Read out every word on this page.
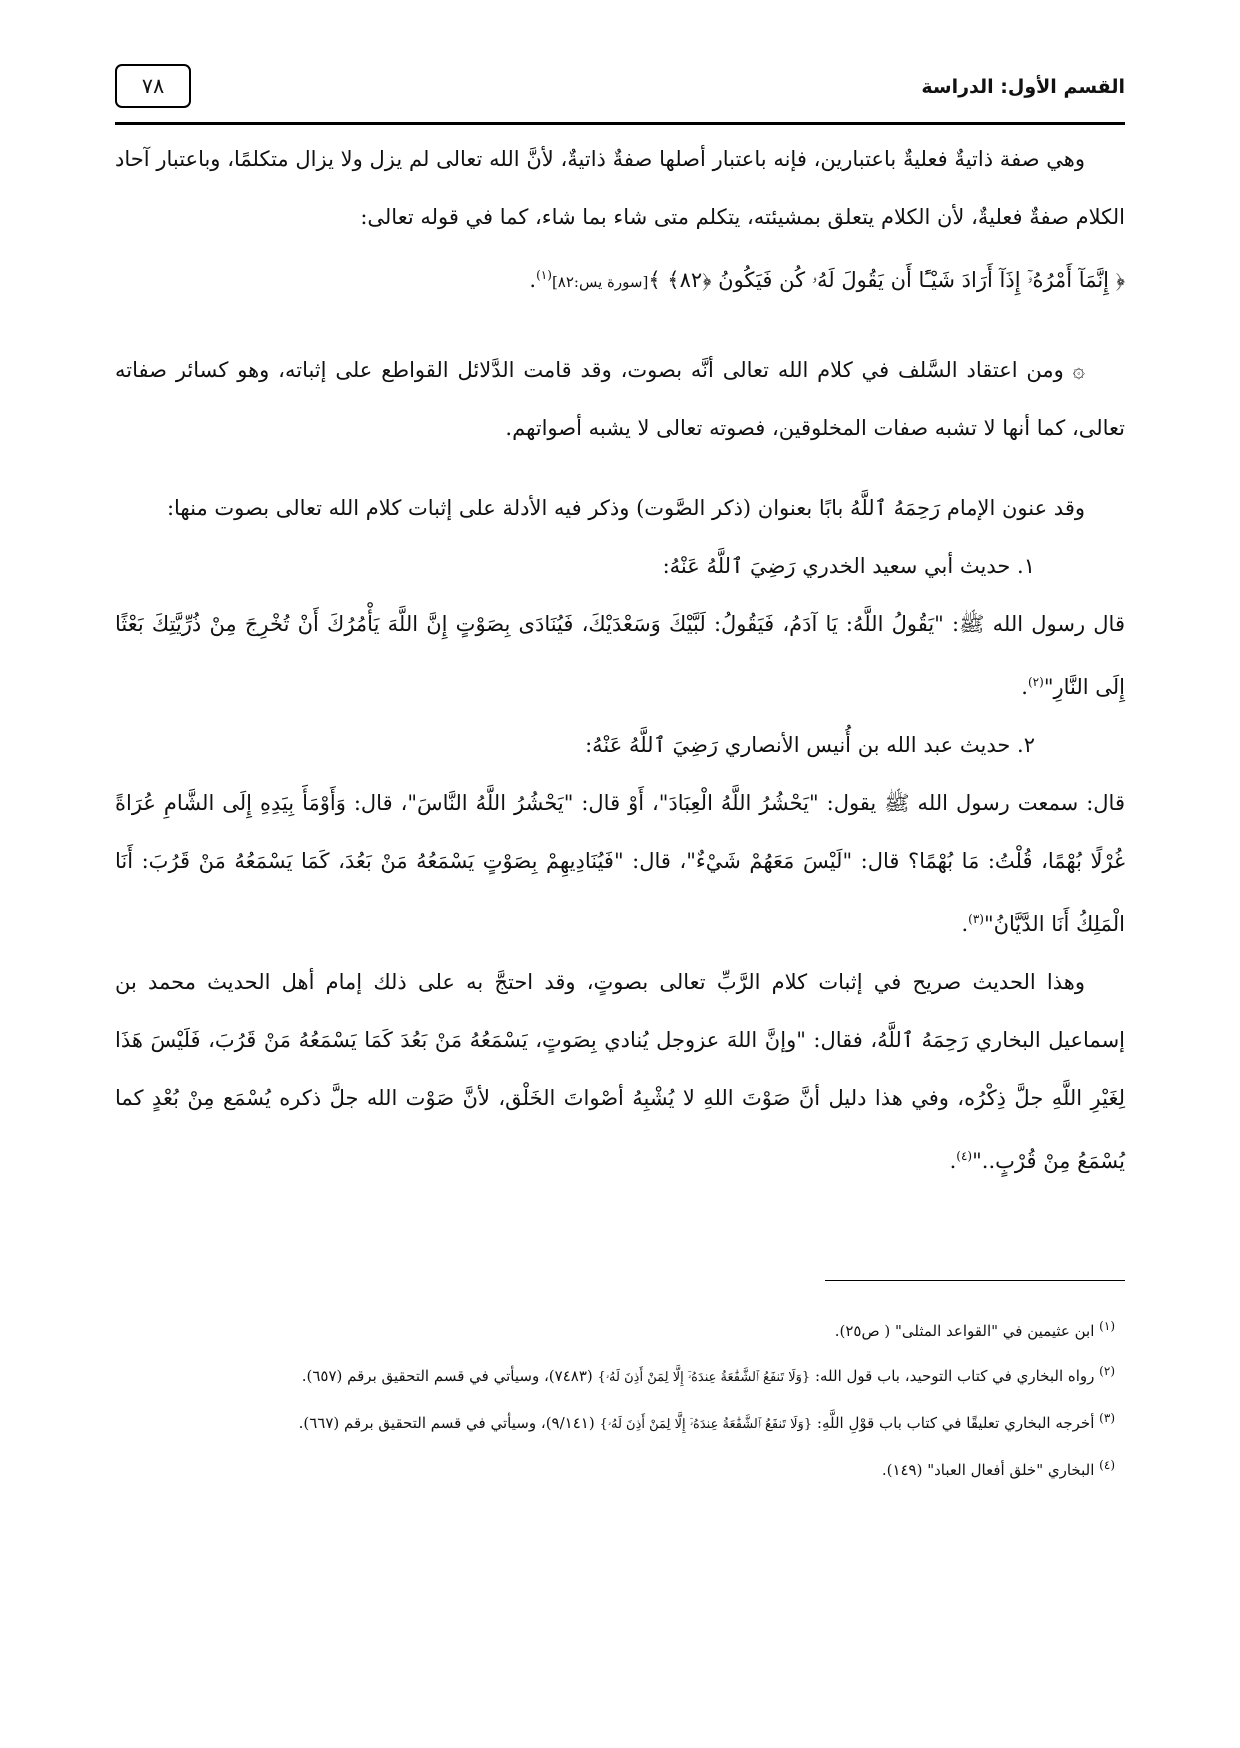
القسم الأول: الدراسة
٧٨

وهي صفة ذاتيةٌ فعليةٌ باعتبارين، فإنه باعتبار أصلها صفةٌ ذاتيةٌ، لأنَّ الله تعالى لم يزل ولا يزال متكلمًا، وباعتبار آحاد الكلام صفةٌ فعليةٌ، لأن الكلام يتعلق بمشيئته، يتكلم متى شاء بما شاء، كما في قوله تعالى:

﴿ إِنَّمَآ أَمْرُهُۥٓ إِذَآ أَرَادَ شَيْـًٔا أَن يَقُولَ لَهُۥ كُن فَيَكُونُ ﴿٨٢﴾ ﴾[سورة يس:٨٢]$^{(١)}$.

۞ ومن اعتقاد السَّلف في كلام الله تعالى أنَّه بصوت، وقد قامت الدَّلائل القواطع على إثباته، وهو كسائر صفاته تعالى، كما أنها لا تشبه صفات المخلوقين، فصوته تعالى لا يشبه أصواتهم.

وقد عنون الإمام رَحِمَهُ ٱللَّهُ بابًا بعنوان (ذكر الصَّوت) وذكر فيه الأدلة على إثبات كلام الله تعالى بصوت منها:

١. حديث أبي سعيد الخدري رَضِيَ ٱللَّهُ عَنْهُ:

قال رسول الله ﷺ: "يَقُولُ اللَّهُ: يَا آدَمُ، فَيَقُولُ: لَبَّيْكَ وَسَعْدَيْكَ، فَيُنَادَى بِصَوْتٍ إِنَّ اللَّهَ يَأْمُرُكَ أَنْ تُخْرِجَ مِنْ ذُرِّيَّتِكَ بَعْثًا إِلَى النَّارِ"$^{(٢)}$.

٢. حديث عبد الله بن أُنيس الأنصاري رَضِيَ ٱللَّهُ عَنْهُ:

قال: سمعت رسول الله ﷺ يقول: "يَحْشُرُ اللَّهُ الْعِبَادَ"، أَوْ قال: "يَحْشُرُ اللَّهُ النَّاسَ"، قال: وَأَوْمَأَ بِيَدِهِ إِلَى الشَّامِ عُرَاةً غُرْلًا بُهْمًا، قُلْتُ: مَا بُهْمًا؟ قال: "لَيْسَ مَعَهُمْ شَيْءٌ"، قال: "فَيُنَادِيهِمْ بِصَوْتٍ يَسْمَعُهُ مَنْ بَعُدَ، كَمَا يَسْمَعُهُ مَنْ قَرُبَ: أَنَا الْمَلِكُ أَنَا الدَّيَّانُ"$^{(٣)}$.

وهذا الحديث صريح في إثبات كلام الرَّبِّ تعالى بصوتٍ، وقد احتجَّ به على ذلك إمام أهل الحديث محمد بن إسماعيل البخاري رَحِمَهُ ٱللَّهُ، فقال: "وإنَّ اللهَ عزوجل يُنادي بِصَوتٍ، يَسْمَعُهُ مَنْ بَعُدَ كَمَا يَسْمَعُهُ مَنْ قَرُبَ، فَلَيْسَ هَذَا لِغَيْرِ اللَّهِ جلَّ ذِكْرُه، وفي هذا دليل أنَّ صَوْتَ اللهِ لا يُشْبِهُ أصْواتَ الخَلْق، لأنَّ صَوْت الله جلَّ ذكره يُسْمَع مِنْ بُعْدٍ كما يُسْمَعُ مِنْ قُرْبٍ.."$^{(٤)}$.

$^{(١)}$ ابن عثيمين في "القواعد المثلى" ( ص٢٥).
$^{(٢)}$ رواه البخاري في كتاب التوحيد، باب قول الله: {وَلَا تَنفَعُ ٱلشَّفَٰعَةُ عِندَهُۥٓ إِلَّا لِمَنْ أَذِنَ لَهُۥ} (٧٤٨٣)، وسيأتي في قسم التحقيق برقم (٦٥٧).
$^{(٣)}$ أخرجه البخاري تعليقًا في كتاب باب قوْلِ اللَّهِ: {وَلَا تَنفَعُ ٱلشَّفَٰعَةُ عِندَهُۥٓ إِلَّا لِمَنْ أَذِنَ لَهُۥ} (٩/١٤١)، وسيأتي في قسم التحقيق برقم (٦٦٧).
$^{(٤)}$ البخاري "خلق أفعال العباد" (١٤٩).
